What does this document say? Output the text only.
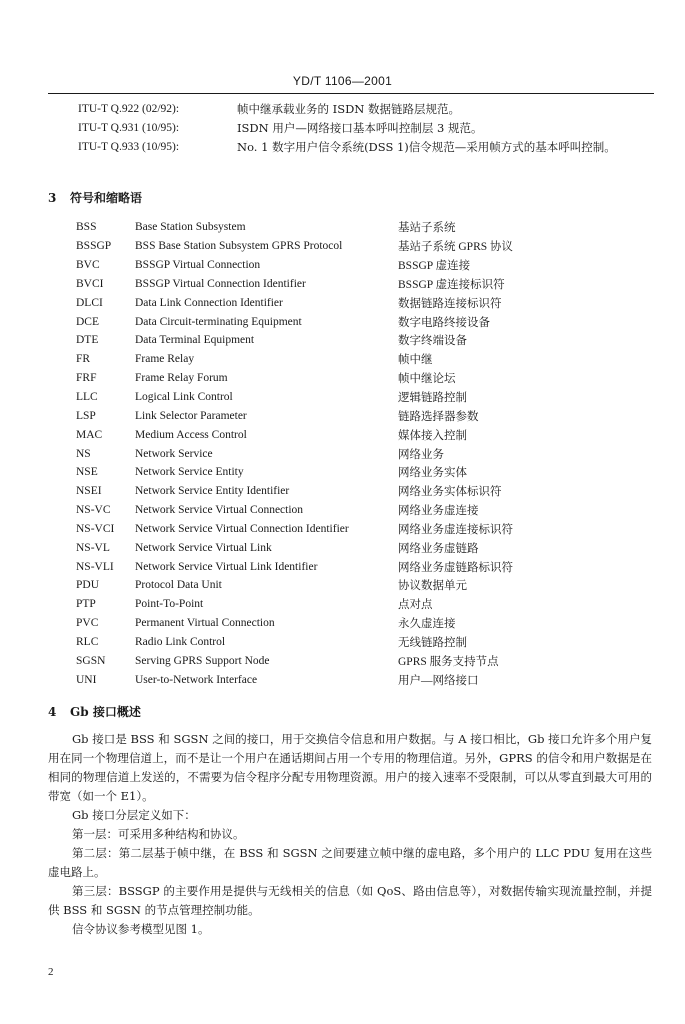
YD/T 1106—2001
ITU-T Q.922 (02/92):	帧中继承载业务的 ISDN 数据链路层规范。
ITU-T Q.931 (10/95):	ISDN 用户—网络接口基本呼叫控制层 3 规范。
ITU-T Q.933 (10/95):	No. 1 数字用户信令系统(DSS 1)信令规范—采用帧方式的基本呼叫控制。
3 符号和缩略语
BSS	Base Station Subsystem	基站子系统
BSSGP	BSS Base Station Subsystem GPRS Protocol	基站子系统 GPRS 协议
BVC	BSSGP Virtual Connection	BSSGP 虚连接
BVCI	BSSGP Virtual Connection Identifier	BSSGP 虚连接标识符
DLCI	Data Link Connection Identifier	数据链路连接标识符
DCE	Data Circuit-terminating Equipment	数字电路终接设备
DTE	Data Terminal Equipment	数字终端设备
FR	Frame Relay	帧中继
FRF	Frame Relay Forum	帧中继论坛
LLC	Logical Link Control	逻辑链路控制
LSP	Link Selector Parameter	链路选择器参数
MAC	Medium Access Control	媒体接入控制
NS	Network Service	网络业务
NSE	Network Service Entity	网络业务实体
NSEI	Network Service Entity Identifier	网络业务实体标识符
NS-VC	Network Service Virtual Connection	网络业务虚连接
NS-VCI	Network Service Virtual Connection Identifier	网络业务虚连接标识符
NS-VL	Network Service Virtual Link	网络业务虚链路
NS-VLI	Network Service Virtual Link Identifier	网络业务虚链路标识符
PDU	Protocol Data Unit	协议数据单元
PTP	Point-To-Point	点对点
PVC	Permanent Virtual Connection	永久虚连接
RLC	Radio Link Control	无线链路控制
SGSN	Serving GPRS Support Node	GPRS 服务支持节点
UNI	User-to-Network Interface	用户—网络接口
4 Gb 接口概述

Gb 接口是 BSS 和 SGSN 之间的接口，用于交换信令信息和用户数据。与 A 接口相比，Gb 接口允许多个用户复用在同一个物理信道上，而不是让一个用户在通话期间占用一个专用的物理信道。另外，GPRS 的信令和用户数据是在相同的物理信道上发送的，不需要为信令程序分配专用物理资源。用户的接入速率不受限制，可以从零直到最大可用的带宽（如一个 E1）。

Gb 接口分层定义如下：

第一层：可采用多种结构和协议。

第二层：第二层基于帧中继，在 BSS 和 SGSN 之间要建立帧中继的虚电路，多个用户的 LLC PDU 复用在这些虚电路上。

第三层：BSSGP 的主要作用是提供与无线相关的信息（如 QoS、路由信息等），对数据传输实现流量控制，并提供 BSS 和 SGSN 的节点管理控制功能。

信令协议参考模型见图 1。

2
